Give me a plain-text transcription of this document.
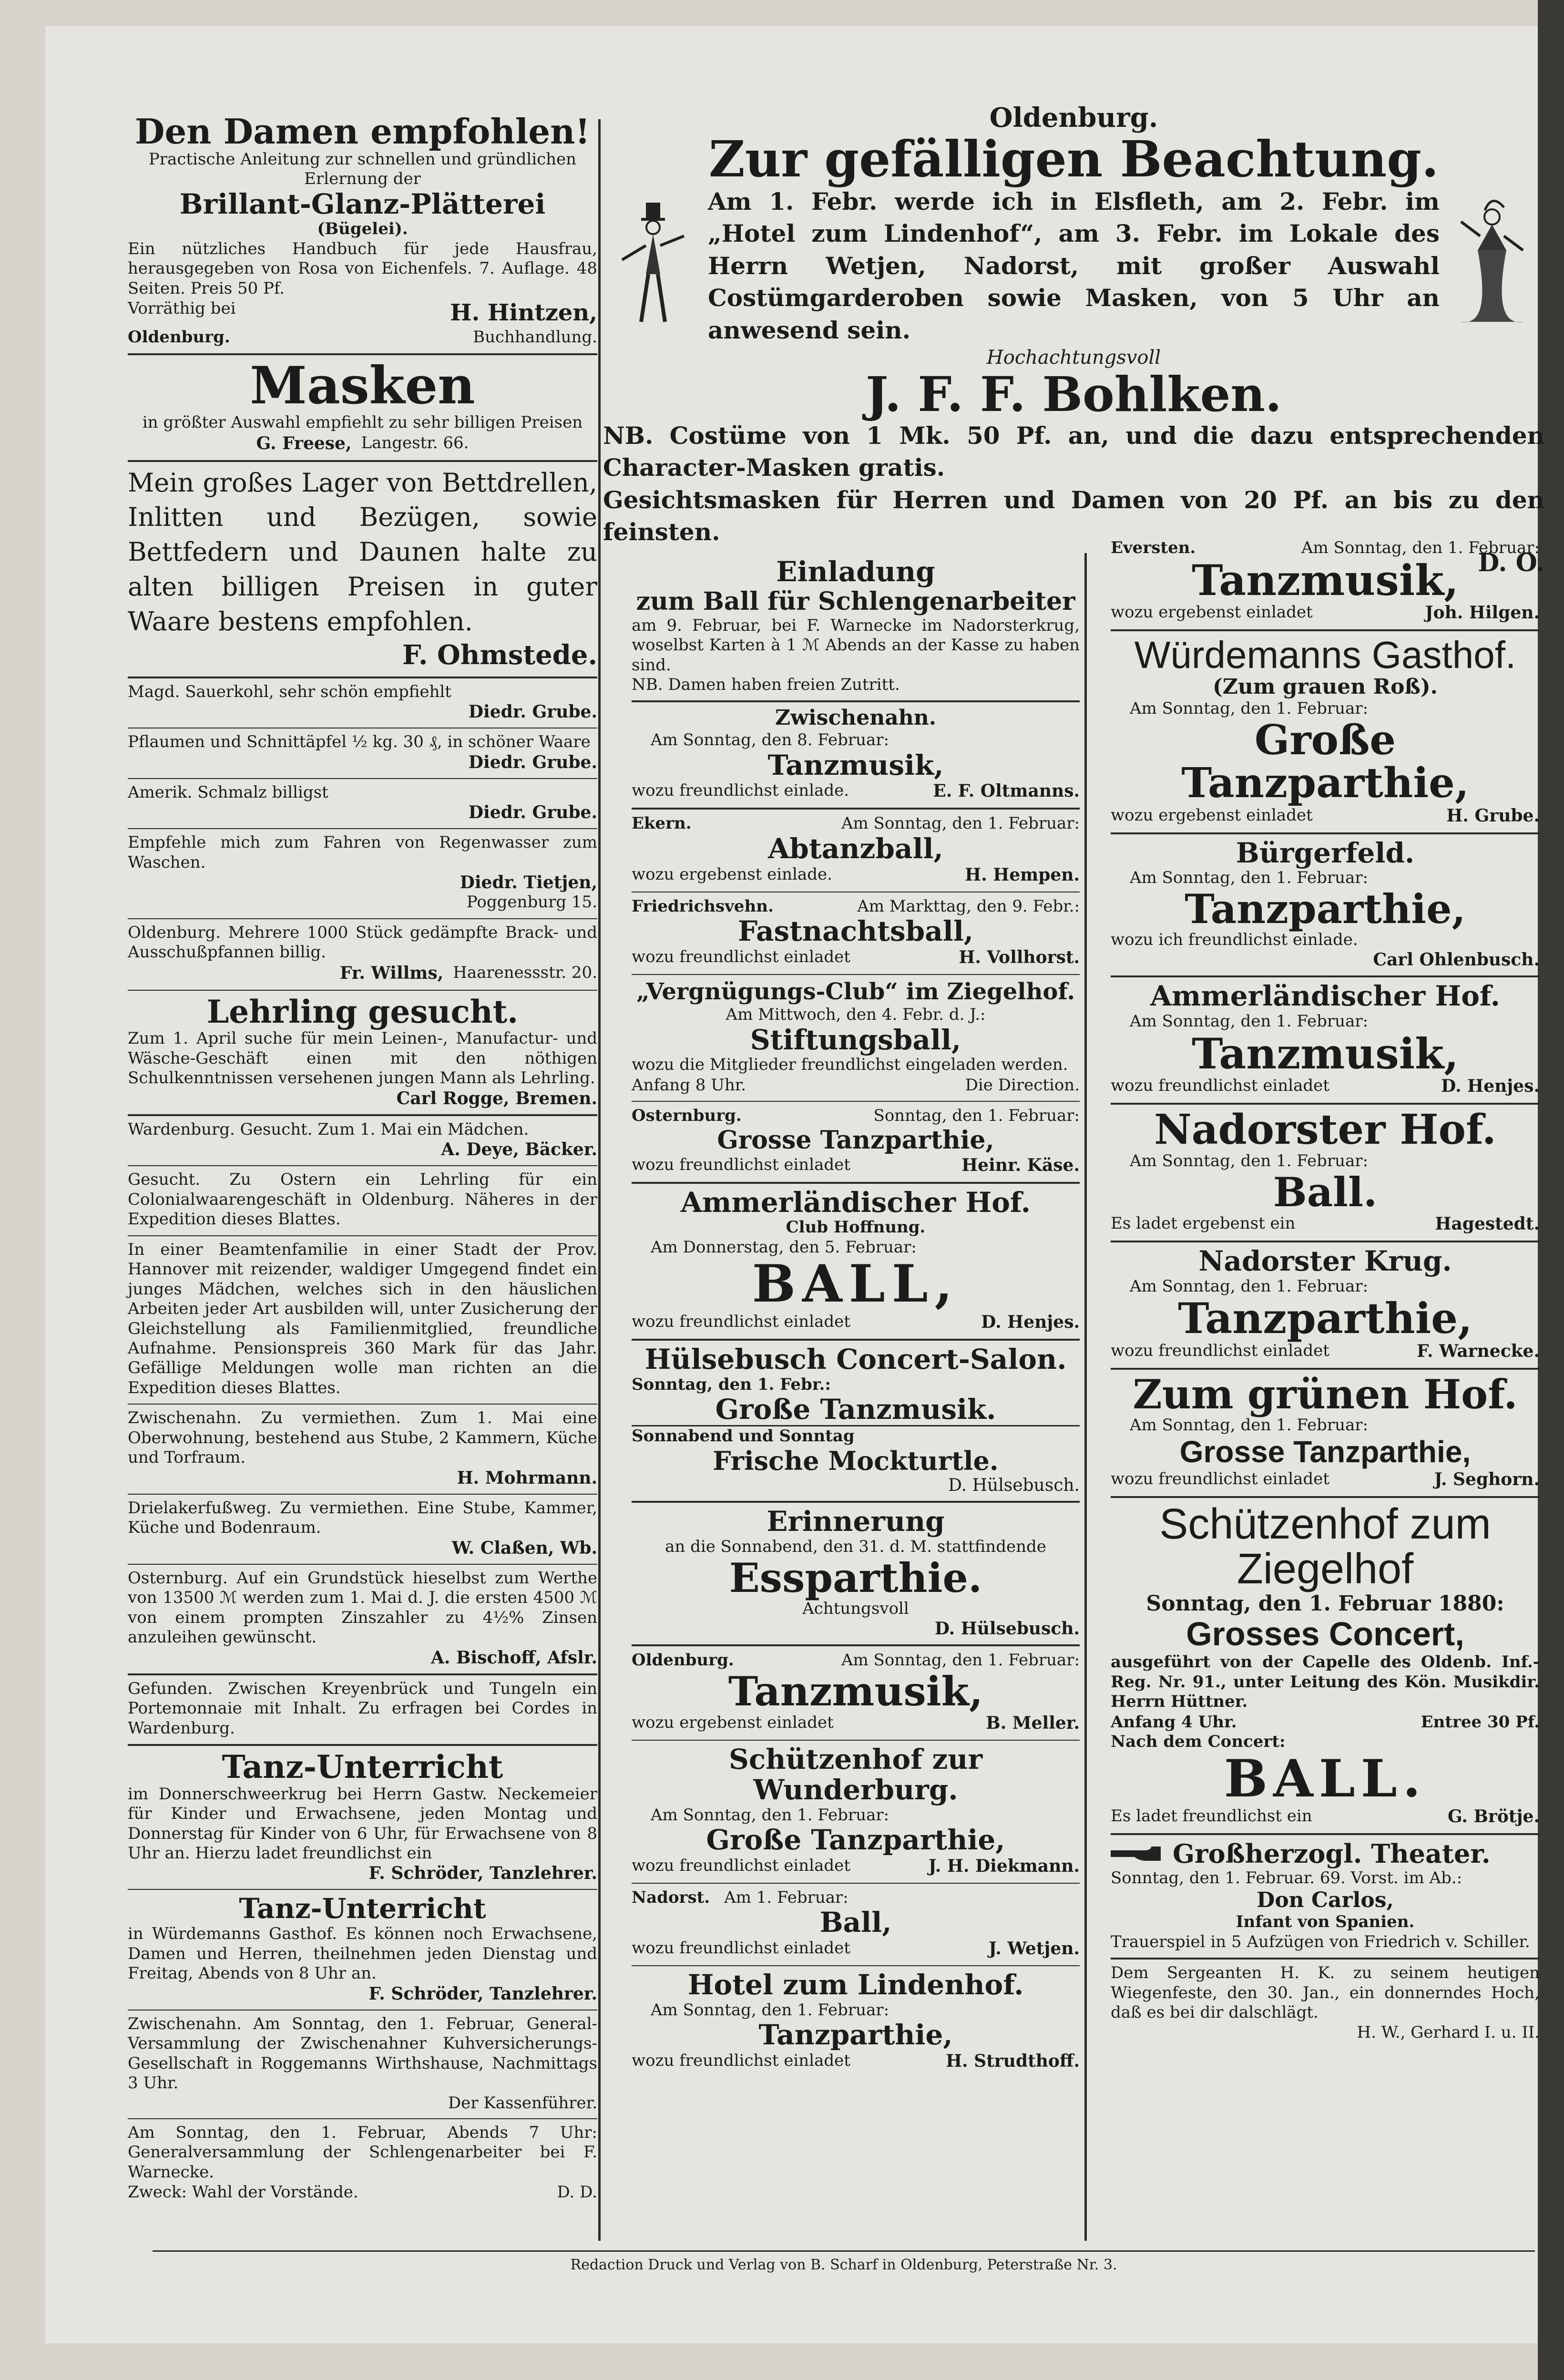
Den Damen empfohlen!
Practische Anleitung zur schnellen und gründlichen Erlernung der
Brillant-Glanz-Plätterei
(Bügelei).
Ein nützliches Handbuch für jede Hausfrau, herausgegeben von Rosa von Eichenfels. 7. Auflage. 48 Seiten. Preis 50 Pf.
Vorräthig bei	H. Hintzen,
Oldenburg.	Buchhandlung.
Masken
in größter Auswahl empfiehlt zu sehr billigen Preisen
G. Freese, Langestr. 66.
Mein großes Lager von Bettdrellen, Inlitten und Bezügen, sowie Bettfedern und Daunen halte zu alten billigen Preisen in guter Waare bestens empfohlen.
F. Ohmstede.
Magd. Sauerkohl, sehr schön empfiehlt
Diedr. Grube.
Pflaumen und Schnittäpfel ½ kg. 30 ₰, in schöner Waare
Diedr. Grube.
Amerik. Schmalz billigst
Diedr. Grube.
Empfehle mich zum Fahren von Regenwasser zum Waschen.
Diedr. Tietjen,
Poggenburg 15.
Oldenburg. Mehrere 1000 Stück gedämpfte Brack- und Ausschußpfannen billig.
Fr. Willms, Haarenessstr. 20.
Lehrling gesucht.
Zum 1. April suche für mein Leinen-, Manufactur- und Wäsche-Geschäft einen mit den nöthigen Schulkenntnissen versehenen jungen Mann als Lehrling.
Carl Rogge, Bremen.
Wardenburg. Gesucht. Zum 1. Mai ein Mädchen.
A. Deye, Bäcker.
Gesucht. Zu Ostern ein Lehrling für ein Colonialwaarengeschäft in Oldenburg. Näheres in der Expedition dieses Blattes.
In einer Beamtenfamilie in einer Stadt der Prov. Hannover mit reizender, waldiger Umgegend findet ein junges Mädchen, welches sich in den häuslichen Arbeiten jeder Art ausbilden will, unter Zusicherung der Gleichstellung als Familienmitglied, freundliche Aufnahme. Pensionspreis 360 Mark für das Jahr. Gefällige Meldungen wolle man richten an die Expedition dieses Blattes.
Zwischenahn. Zu vermiethen. Zum 1. Mai eine Oberwohnung, bestehend aus Stube, 2 Kammern, Küche und Torfraum.
H. Mohrmann.
Drielakerfußweg. Zu vermiethen. Eine Stube, Kammer, Küche und Bodenraum.
W. Claßen, Wb.
Osternburg. Auf ein Grundstück hieselbst zum Werthe von 13500 ℳ werden zum 1. Mai d. J. die ersten 4500 ℳ von einem prompten Zinszahler zu 4½% Zinsen anzuleihen gewünscht.
A. Bischoff, Afslr.
Gefunden. Zwischen Kreyenbrück und Tungeln ein Portemonnaie mit Inhalt. Zu erfragen bei Cordes in Wardenburg.
Tanz-Unterricht
im Donnerschweerkrug bei Herrn Gastw. Neckemeier für Kinder und Erwachsene, jeden Montag und Donnerstag für Kinder von 6 Uhr, für Erwachsene von 8 Uhr an. Hierzu ladet freundlichst ein
F. Schröder, Tanzlehrer.
Tanz-Unterricht
in Würdemanns Gasthof. Es können noch Erwachsene, Damen und Herren, theilnehmen jeden Dienstag und Freitag, Abends von 8 Uhr an.
F. Schröder, Tanzlehrer.
Zwischenahn. Am Sonntag, den 1. Februar, General-Versammlung der Zwischenahner Kuhversicherungs-Gesellschaft in Roggemanns Wirthshause, Nachmittags 3 Uhr.
Der Kassenführer.
Am Sonntag, den 1. Februar, Abends 7 Uhr: Generalversammlung der Schlengenarbeiter bei F. Warnecke.
Zweck: Wahl der Vorstände.	D. D.
Oldenburg.
Zur gefälligen Beachtung.
Am 1. Febr. werde ich in Elsfleth, am 2. Febr. im „Hotel zum Lindenhof“, am 3. Febr. im Lokale des Herrn Wetjen, Nadorst, mit großer Auswahl Costümgarderoben sowie Masken, von 5 Uhr an anwesend sein.
Hochachtungsvoll
J. F. F. Bohlken.
NB. Costüme von 1 Mk. 50 Pf. an, und die dazu entsprechenden Character-Masken gratis.
Gesichtsmasken für Herren und Damen von 20 Pf. an bis zu den feinsten.
D. O.
Einladung
zum Ball für Schlengenarbeiter
am 9. Februar, bei F. Warnecke im Nadorsterkrug, woselbst Karten à 1 ℳ Abends an der Kasse zu haben sind.
NB. Damen haben freien Zutritt.
Zwischenahn.
Am Sonntag, den 8. Februar:
Tanzmusik,
wozu freundlichst einlade.	E. F. Oltmanns.
Ekern.	Am Sonntag, den 1. Februar:
Abtanzball,
wozu ergebenst einlade.	H. Hempen.
Friedrichsvehn.	Am Markttag, den 9. Febr.:
Fastnachtsball,
wozu freundlichst einladet	H. Vollhorst.
„Vergnügungs-Club“ im Ziegelhof.
Am Mittwoch, den 4. Febr. d. J.:
Stiftungsball,
wozu die Mitglieder freundlichst eingeladen werden.
Anfang 8 Uhr.	Die Direction.
Osternburg.	Sonntag, den 1. Februar:
Grosse Tanzparthie,
wozu freundlichst einladet	Heinr. Käse.
Ammerländischer Hof.
Club Hoffnung.
Am Donnerstag, den 5. Februar:
BALL,
wozu freundlichst einladet	D. Henjes.
Hülsebusch Concert-Salon.
Sonntag, den 1. Febr.:
Große Tanzmusik.
Sonnabend und Sonntag
Frische Mockturtle.
D. Hülsebusch.
Erinnerung
an die Sonnabend, den 31. d. M. stattfindende
Essparthie.
Achtungsvoll
D. Hülsebusch.
Oldenburg.	Am Sonntag, den 1. Februar:
Tanzmusik,
wozu ergebenst einladet	B. Meller.
Schützenhof zur Wunderburg.
Am Sonntag, den 1. Februar:
Große Tanzparthie,
wozu freundlichst einladet	J. H. Diekmann.
Nadorst. Am 1. Februar:
Ball,
wozu freundlichst einladet	J. Wetjen.
Hotel zum Lindenhof.
Am Sonntag, den 1. Februar:
Tanzparthie,
wozu freundlichst einladet	H. Strudthoff.
Eversten.	Am Sonntag, den 1. Februar:
Tanzmusik,
wozu ergebenst einladet	Joh. Hilgen.
Würdemanns Gasthof.
(Zum grauen Roß).
Am Sonntag, den 1. Februar:
Große Tanzparthie,
wozu ergebenst einladet	H. Grube.
Bürgerfeld.
Am Sonntag, den 1. Februar:
Tanzparthie,
wozu ich freundlichst einlade.
Carl Ohlenbusch.
Ammerländischer Hof.
Am Sonntag, den 1. Februar:
Tanzmusik,
wozu freundlichst einladet	D. Henjes.
Nadorster Hof.
Am Sonntag, den 1. Februar:
Ball.
Es ladet ergebenst ein	Hagestedt.
Nadorster Krug.
Am Sonntag, den 1. Februar:
Tanzparthie,
wozu freundlichst einladet	F. Warnecke.
Zum grünen Hof.
Am Sonntag, den 1. Februar:
Grosse Tanzparthie,
wozu freundlichst einladet	J. Seghorn.
Schützenhof zum Ziegelhof
Sonntag, den 1. Februar 1880:
Grosses Concert,
ausgeführt von der Capelle des Oldenb. Inf.-Reg. Nr. 91., unter Leitung des Kön. Musikdir. Herrn Hüttner.
Anfang 4 Uhr.	Entree 30 Pf.
Nach dem Concert:
BALL.
Es ladet freundlichst ein	G. Brötje.
Großherzogl. Theater.
Sonntag, den 1. Februar. 69. Vorst. im Ab.:
Don Carlos,
Infant von Spanien.
Trauerspiel in 5 Aufzügen von Friedrich v. Schiller.
Dem Sergeanten H. K. zu seinem heutigen Wiegenfeste, den 30. Jan., ein donnerndes Hoch, daß es bei dir dalschlägt.
H. W., Gerhard I. u. II.
Redaction Druck und Verlag von B. Scharf in Oldenburg, Peterstraße Nr. 3.
